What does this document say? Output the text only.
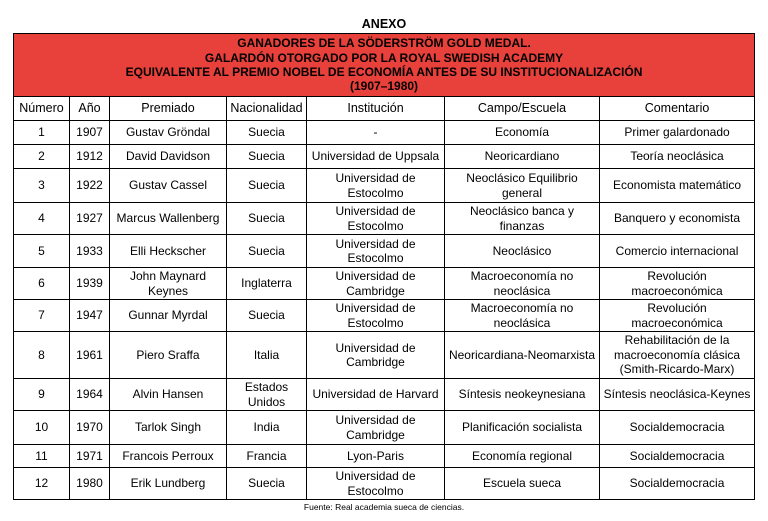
ANEXO
GANADORES DE LA SÖDERSTRÖM GOLD MEDAL.
GALARDÓN OTORGADO POR LA ROYAL SWEDISH ACADEMY
EQUIVALENTE AL PREMIO NOBEL DE ECONOMÍA ANTES DE SU INSTITUCIONALIZACIÓN
(1907–1980)						

Número	Año	Premiado	Nacionalidad	Institución	Campo/Escuela	Comentario
1	1907	Gustav Gröndal	Suecia	-	Economía	Primer galardonado
2	1912	David Davidson	Suecia	Universidad de Uppsala	Neoricardiano	Teoría neoclásica
3	1922	Gustav Cassel	Suecia	Universidad de Estocolmo	Neoclásico Equilibrio general	Economista matemático
4	1927	Marcus Wallenberg	Suecia	Universidad de Estocolmo	Neoclásico banca y finanzas	Banquero y economista
5	1933	Elli Heckscher	Suecia	Universidad de Estocolmo	Neoclásico	Comercio internacional
6	1939	John Maynard Keynes	Inglaterra	Universidad de Cambridge	Macroeconomía no neoclásica	Revolución macroeconómica
7	1947	Gunnar Myrdal	Suecia	Universidad de Estocolmo	Macroeconomía no neoclásica	Revolución macroeconómica
8	1961	Piero Sraffa	Italia	Universidad de Cambridge	Neoricardiana-Neomarxista	Rehabilitación de la macroeconomía clásica (Smith-Ricardo-Marx)
9	1964	Alvin Hansen	Estados Unidos	Universidad de Harvard	Síntesis neokeynesiana	Síntesis neoclásica-Keynes
10	1970	Tarlok Singh	India	Universidad de Cambridge	Planificación socialista	Socialdemocracia
11	1971	Francois Perroux	Francia	Lyon-Paris	Economía regional	Socialdemocracia
12	1980	Erik Lundberg	Suecia	Universidad de Estocolmo	Escuela sueca	Socialdemocracia
Fuente: Real academia sueca de ciencias.
